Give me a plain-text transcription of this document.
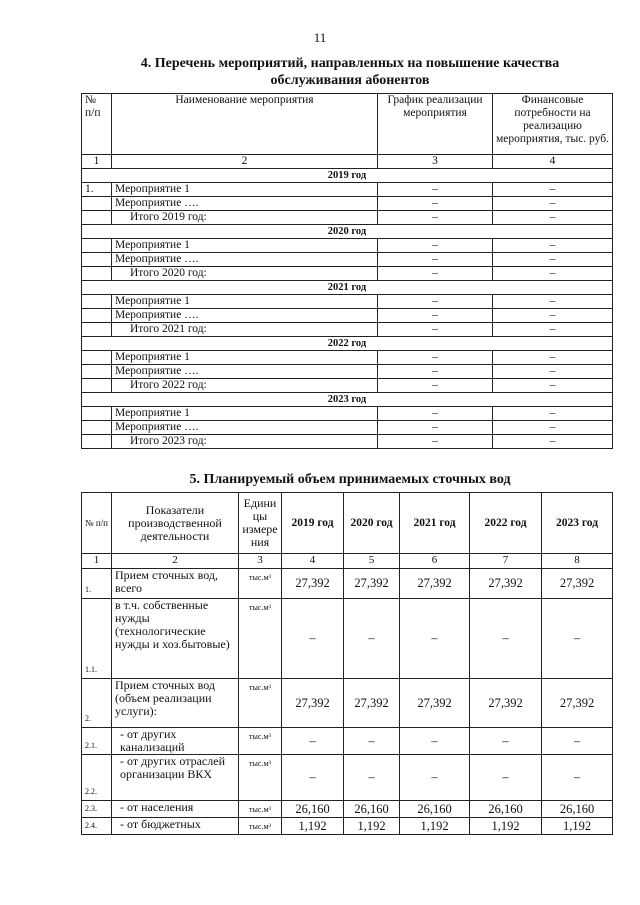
11
4. Перечень мероприятий, направленных на повышение качества
обслуживания абонентов
№ п/п	Наименование мероприятия	График реализации мероприятия	Финансовые потребности на реализацию мероприятия, тыс. руб.
1	2	3	4
2019 год			
1.	Мероприятие 1	–	–
	Мероприятие ….	–	–
	Итого 2019 год:	–	–
2020 год			
	Мероприятие 1	–	–
	Мероприятие ….	–	–
	Итого 2020 год:	–	–
2021 год			
	Мероприятие 1	–	–
	Мероприятие ….	–	–
	Итого 2021 год:	–	–
2022 год			
	Мероприятие 1	–	–
	Мероприятие ….	–	–
	Итого 2022 год:	–	–
2023 год			
	Мероприятие 1	–	–
	Мероприятие ….	–	–
	Итого 2023 год:	–	–
5. Планируемый объем принимаемых сточных вод
№ п/п	Показатели производственной деятельности	Едини цы измере ния	2019 год	2020 год	2021 год	2022 год	2023 год
1	2	3	4	5	6	7	8
1.	Прием сточных вод, всего	тыс.м³	27,392	27,392	27,392	27,392	27,392
1.1.	в т.ч. собственные нужды (технологические нужды и хоз.бытовые)	тыс.м³	–	–	–	–	–
2.	Прием сточных вод (объем реализации услуги):	тыс.м³	27,392	27,392	27,392	27,392	27,392
2.1.	- от других канализаций	тыс.м³	–	–	–	–	–
2.2.	- от других отраслей организации ВКХ	тыс.м³	–	–	–	–	–
2.3.	- от населения	тыс.м³	26,160	26,160	26,160	26,160	26,160
2.4.	- от бюджетных	тыс.м³	1,192	1,192	1,192	1,192	1,192
